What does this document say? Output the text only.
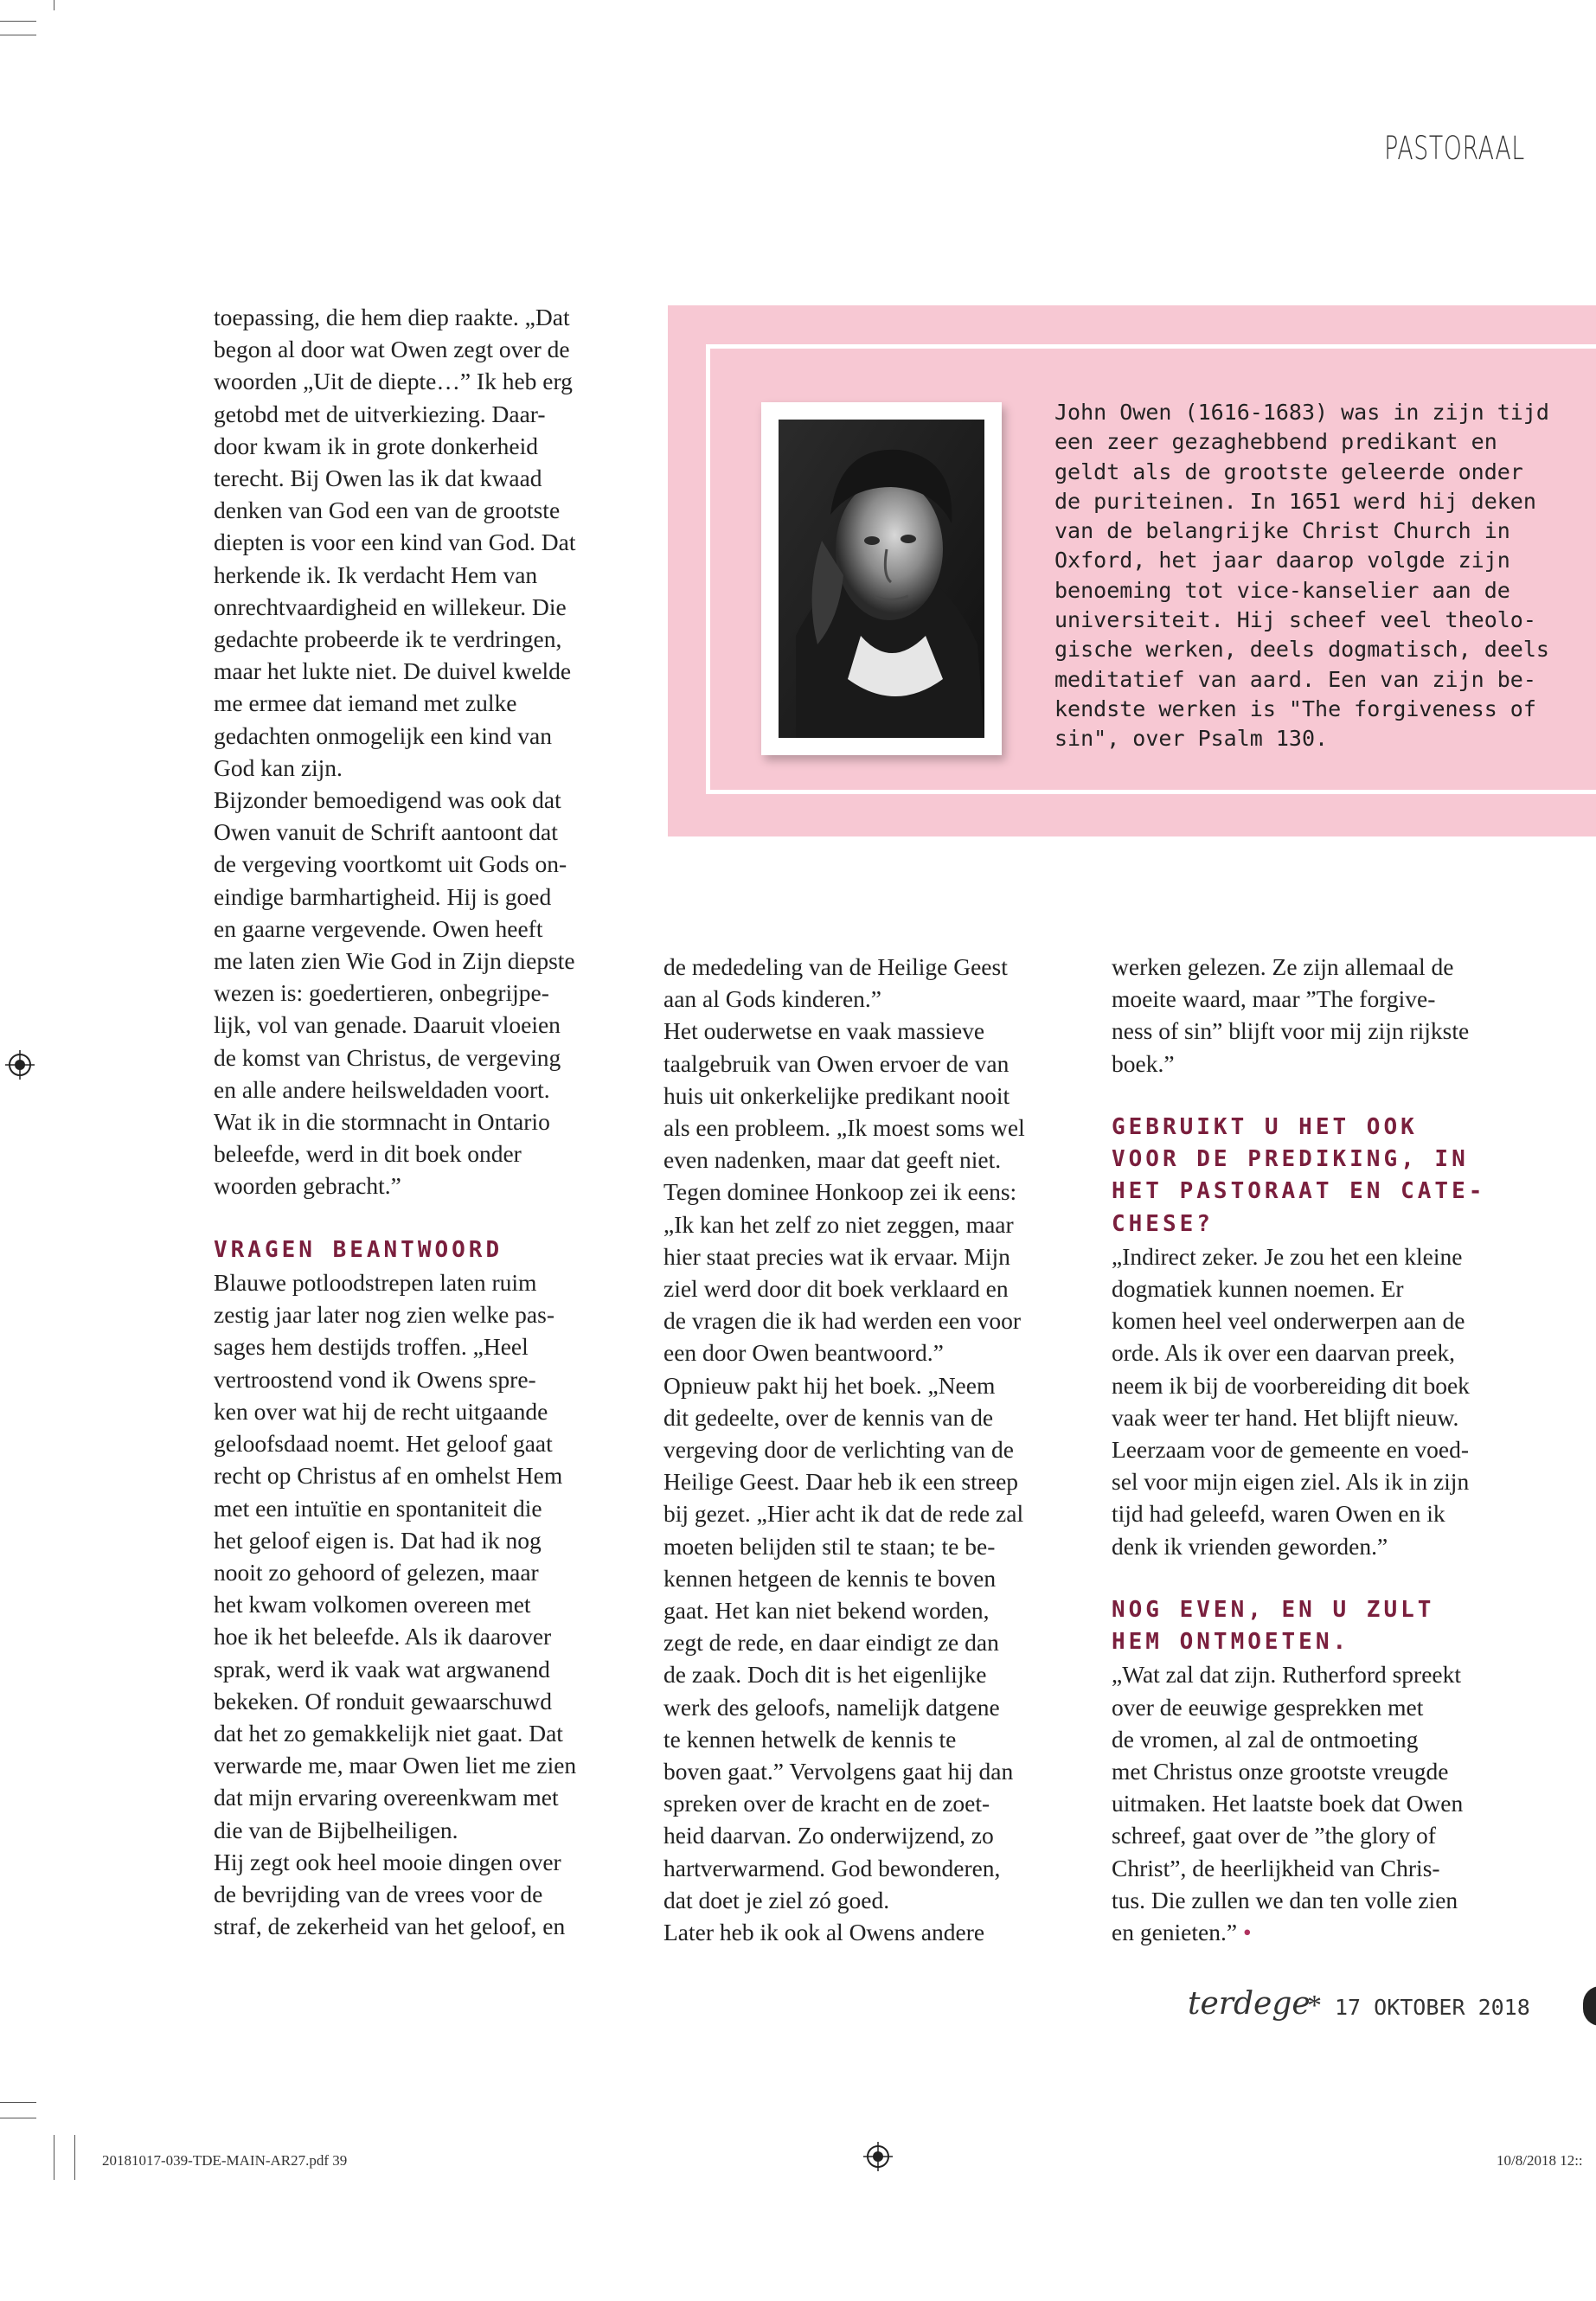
PASTORAAL
John Owen (1616-1683) was in zijn tijd
een zeer gezaghebbend predikant en
geldt als de grootste geleerde onder
de puriteinen. In 1651 werd hij deken
van de belangrijke Christ Church in
Oxford, het jaar daarop volgde zijn
benoeming tot vice-kanselier aan de
universiteit. Hij scheef veel theolo-
gische werken, deels dogmatisch, deels
meditatief van aard. Een van zijn be-
kendste werken is "The forgiveness of
sin", over Psalm 130.
toepassing, die hem diep raakte. „Dat
begon al door wat Owen zegt over de
woorden „Uit de diepte…” Ik heb erg
getobd met de uitverkiezing. Daar-
door kwam ik in grote donkerheid
terecht. Bij Owen las ik dat kwaad
denken van God een van de grootste
diepten is voor een kind van God. Dat
herkende ik. Ik verdacht Hem van
onrechtvaardigheid en willekeur. Die
gedachte probeerde ik te verdringen,
maar het lukte niet. De duivel kwelde
me ermee dat iemand met zulke
gedachten onmogelijk een kind van
God kan zijn.
Bijzonder bemoedigend was ook dat
Owen vanuit de Schrift aantoont dat
de vergeving voortkomt uit Gods on-
eindige barmhartigheid. Hij is goed
en gaarne vergevende. Owen heeft
me laten zien Wie God in Zijn diepste
wezen is: goedertieren, onbegrijpe-
lijk, vol van genade. Daaruit vloeien
de komst van Christus, de vergeving
en alle andere heilsweldaden voort.
Wat ik in die stormnacht in Ontario
beleefde, werd in dit boek onder
woorden gebracht.”
VRAGEN BEANTWOORD
Blauwe potloodstrepen laten ruim
zestig jaar later nog zien welke pas-
sages hem destijds troffen. „Heel
vertroostend vond ik Owens spre-
ken over wat hij de recht uitgaande
geloofsdaad noemt. Het geloof gaat
recht op Christus af en omhelst Hem
met een intuïtie en spontaniteit die
het geloof eigen is. Dat had ik nog
nooit zo gehoord of gelezen, maar
het kwam volkomen overeen met
hoe ik het beleefde. Als ik daarover
sprak, werd ik vaak wat argwanend
bekeken. Of ronduit gewaarschuwd
dat het zo gemakkelijk niet gaat. Dat
verwarde me, maar Owen liet me zien
dat mijn ervaring overeenkwam met
die van de Bijbelheiligen.
Hij zegt ook heel mooie dingen over
de bevrijding van de vrees voor de
straf, de zekerheid van het geloof, en
de mededeling van de Heilige Geest
aan al Gods kinderen.”
Het ouderwetse en vaak massieve
taalgebruik van Owen ervoer de van
huis uit onkerkelijke predikant nooit
als een probleem. „Ik moest soms wel
even nadenken, maar dat geeft niet.
Tegen dominee Honkoop zei ik eens:
„Ik kan het zelf zo niet zeggen, maar
hier staat precies wat ik ervaar. Mijn
ziel werd door dit boek verklaard en
de vragen die ik had werden een voor
een door Owen beantwoord.”
Opnieuw pakt hij het boek. „Neem
dit gedeelte, over de kennis van de
vergeving door de verlichting van de
Heilige Geest. Daar heb ik een streep
bij gezet. „Hier acht ik dat de rede zal
moeten belijden stil te staan; te be-
kennen hetgeen de kennis te boven
gaat. Het kan niet bekend worden,
zegt de rede, en daar eindigt ze dan
de zaak. Doch dit is het eigenlijke
werk des geloofs, namelijk datgene
te kennen hetwelk de kennis te
boven gaat.” Vervolgens gaat hij dan
spreken over de kracht en de zoet-
heid daarvan. Zo onderwijzend, zo
hartverwarmend. God bewonderen,
dat doet je ziel zó goed.
Later heb ik ook al Owens andere
werken gelezen. Ze zijn allemaal de
moeite waard, maar ”The forgive-
ness of sin” blijft voor mij zijn rijkste
boek.”
GEBRUIKT U HET OOK
VOOR DE PREDIKING, IN
HET PASTORAAT EN CATE-
CHESE?
„Indirect zeker. Je zou het een kleine
dogmatiek kunnen noemen. Er
komen heel veel onderwerpen aan de
orde. Als ik over een daarvan preek,
neem ik bij de voorbereiding dit boek
vaak weer ter hand. Het blijft nieuw.
Leerzaam voor de gemeente en voed-
sel voor mijn eigen ziel. Als ik in zijn
tijd had geleefd, waren Owen en ik
denk ik vrienden geworden.”
NOG EVEN, EN U ZULT
HEM ONTMOETEN.
„Wat zal dat zijn. Rutherford spreekt
over de eeuwige gesprekken met
de vromen, al zal de ontmoeting
met Christus onze grootste vreugde
uitmaken. Het laatste boek dat Owen
schreef, gaat over de ”the glory of
Christ”, de heerlijkheid van Chris-
tus. Die zullen we dan ten volle zien
en genieten.” •
terdege
* 17 OKTOBER 2018
20181017-039-TDE-MAIN-AR27.pdf 39	10/8/2018 12::
